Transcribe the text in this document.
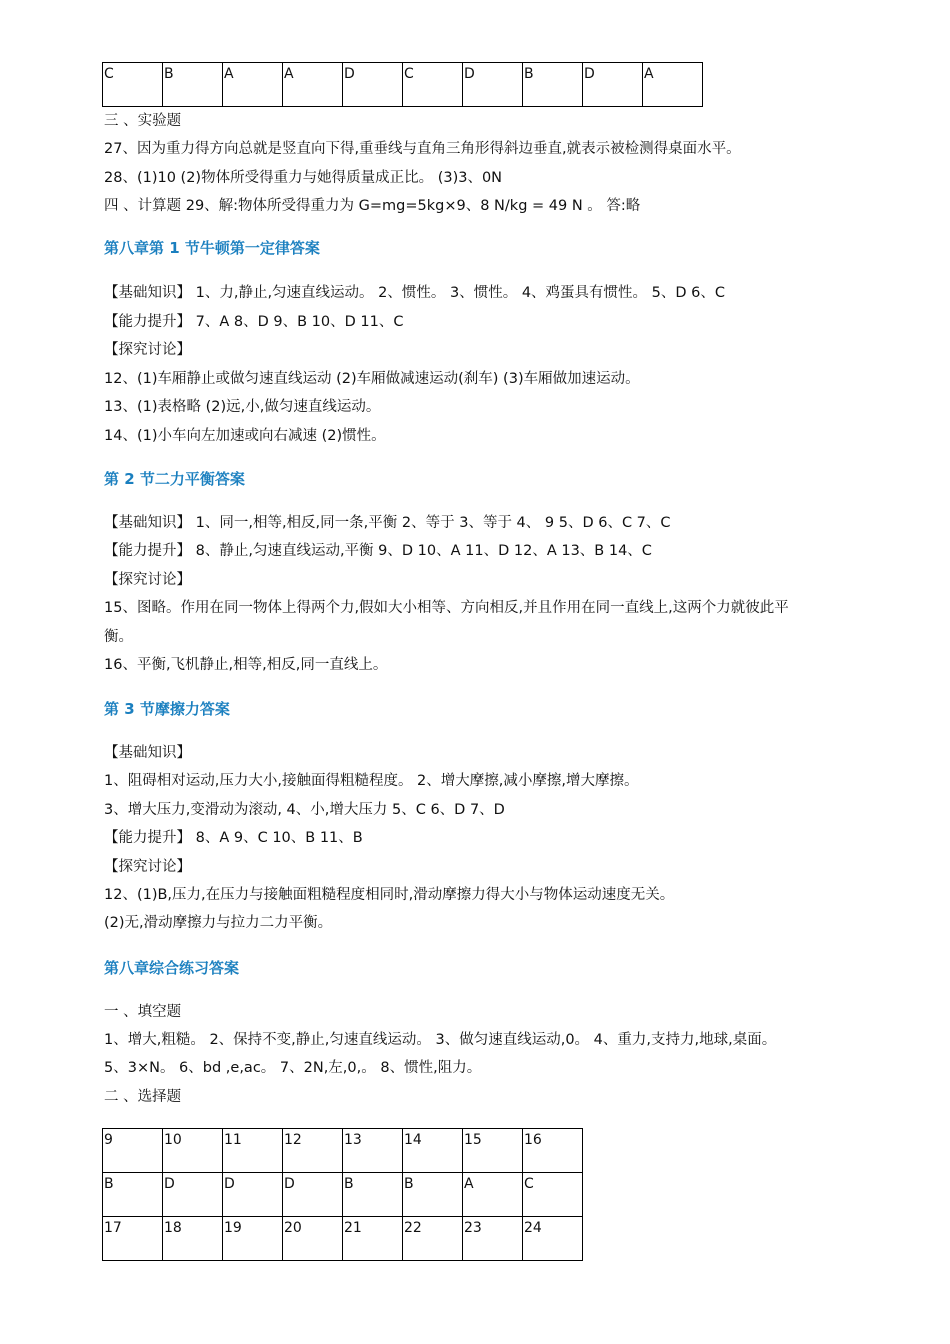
C	B	A	A	D	C	D	B	D	A
三 、实验题
27、因为重力得方向总就是竖直向下得,重垂线与直角三角形得斜边垂直,就表示被检测得桌面水平。
28、(1)10 (2)物体所受得重力与她得质量成正比。 (3)3、0N
四 、计算题 29、解:物体所受得重力为 G=mg=5kg×9、8 N/kg = 49 N 。 答:略
第八章第 1 节牛顿第一定律答案
【基础知识】 1、力,静止,匀速直线运动。 2、惯性。 3、惯性。 4、鸡蛋具有惯性。 5、D 6、C
【能力提升】 7、A 8、D 9、B 10、D 11、C
【探究讨论】
12、(1)车厢静止或做匀速直线运动 (2)车厢做减速运动(刹车) (3)车厢做加速运动。
13、(1)表格略 (2)远,小,做匀速直线运动。
14、(1)小车向左加速或向右减速 (2)惯性。
第 2 节二力平衡答案
【基础知识】 1、同一,相等,相反,同一条,平衡 2、等于 3、等于 4、 9 5、D 6、C 7、C
【能力提升】 8、静止,匀速直线运动,平衡 9、D 10、A 11、D 12、A 13、B 14、C
【探究讨论】
15、图略。作用在同一物体上得两个力,假如大小相等、方向相反,并且作用在同一直线上,这两个力就彼此平
衡。
16、平衡,飞机静止,相等,相反,同一直线上。
第 3 节摩擦力答案
【基础知识】
1、阻碍相对运动,压力大小,接触面得粗糙程度。 2、增大摩擦,减小摩擦,增大摩擦。
3、增大压力,变滑动为滚动, 4、小,增大压力 5、C 6、D 7、D
【能力提升】 8、A 9、C 10、B 11、B
【探究讨论】
12、(1)B,压力,在压力与接触面粗糙程度相同时,滑动摩擦力得大小与物体运动速度无关。
(2)无,滑动摩擦力与拉力二力平衡。
第八章综合练习答案
一 、填空题
1、增大,粗糙。 2、保持不变,静止,匀速直线运动。 3、做匀速直线运动,0。 4、重力,支持力,地球,桌面。
5、3×N。 6、bd ,e,ac。 7、2N,左,0,。 8、惯性,阻力。
二 、选择题
9	10	11	12	13	14	15	16
B	D	D	D	B	B	A	C
17	18	19	20	21	22	23	24
